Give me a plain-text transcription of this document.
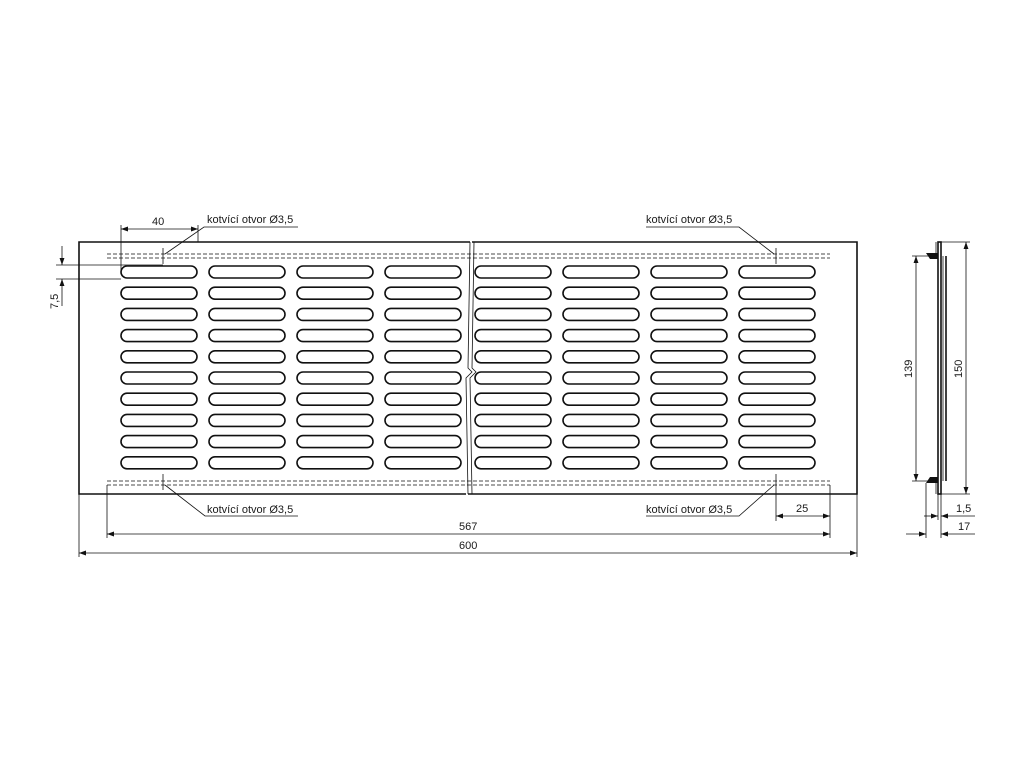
kotvící otvor Ø3,5	kotvící otvor Ø3,5
kotvící otvor Ø3,5	kotvící otvor Ø3,5
40
7,5
25
567
600
139	150
1,5
17
